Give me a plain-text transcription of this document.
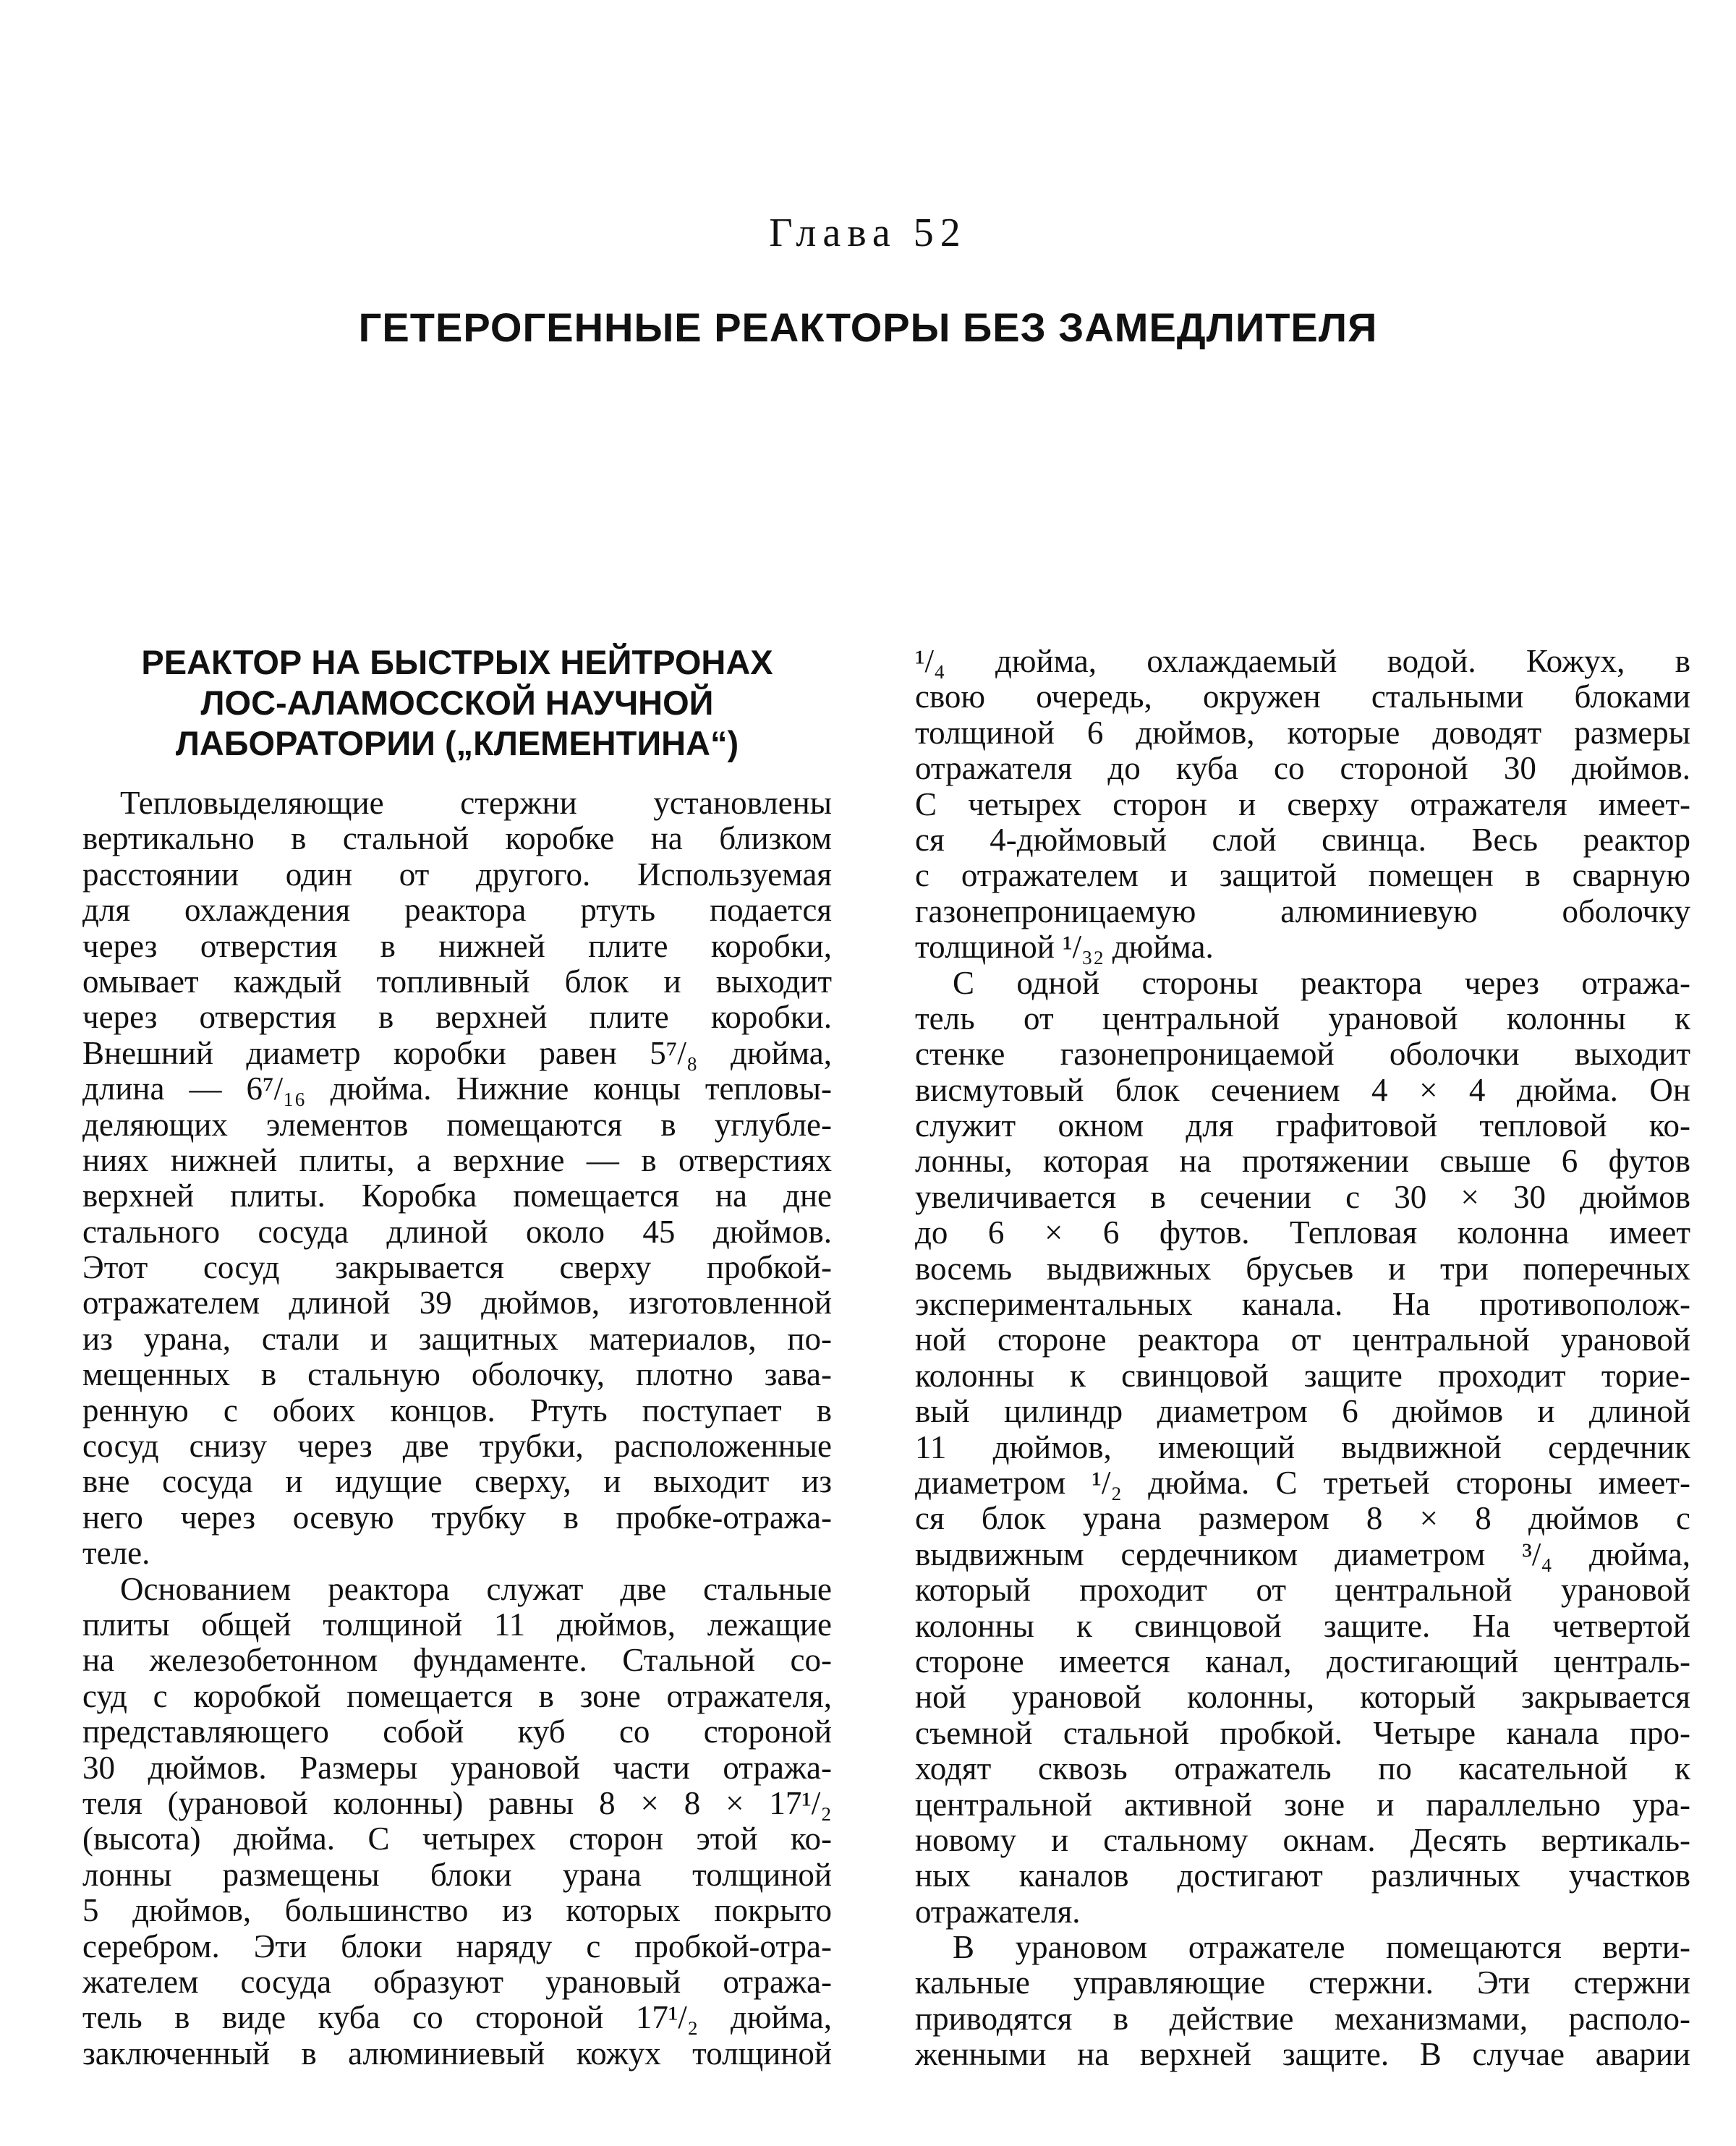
Глава 52
ГЕТЕРОГЕННЫЕ РЕАКТОРЫ БЕЗ ЗАМЕДЛИТЕЛЯ
РЕАКТОР НА БЫСТРЫХ НЕЙТРОНАХ
ЛОС-АЛАМОССКОЙ НАУЧНОЙ
ЛАБОРАТОРИИ („КЛЕМЕНТИНА“)
Тепловыделяющие стержни установлены
вертикально в стальной коробке на близком
расстоянии один от другого. Используемая
для охлаждения реактора ртуть подается
через отверстия в нижней плите коробки,
омывает каждый топливный блок и выходит
через отверстия в верхней плите коробки.
Внешний диаметр коробки равен 5⁷/₈ дюйма,
длина — 6⁷/₁₆ дюйма. Нижние концы тепловы-
деляющих элементов помещаются в углубле-
ниях нижней плиты, а верхние — в отверстиях
верхней плиты. Коробка помещается на дне
стального сосуда длиной около 45 дюймов.
Этот сосуд закрывается сверху пробкой-
отражателем длиной 39 дюймов, изготовленной
из урана, стали и защитных материалов, по-
мещенных в стальную оболочку, плотно зава-
ренную с обоих концов. Ртуть поступает в
сосуд снизу через две трубки, расположенные
вне сосуда и идущие сверху, и выходит из
него через осевую трубку в пробке-отража-
теле.
Основанием реактора служат две стальные
плиты общей толщиной 11 дюймов, лежащие
на железобетонном фундаменте. Стальной со-
суд с коробкой помещается в зоне отражателя,
представляющего собой куб со стороной
30 дюймов. Размеры урановой части отража-
теля (урановой колонны) равны 8 × 8 × 17¹/₂
(высота) дюйма. С четырех сторон этой ко-
лонны размещены блоки урана толщиной
5 дюймов, большинство из которых покрыто
серебром. Эти блоки наряду с пробкой-отра-
жателем сосуда образуют урановый отража-
тель в виде куба со стороной 17¹/₂ дюйма,
заключенный в алюминиевый кожух толщиной
¹/₄ дюйма, охлаждаемый водой. Кожух, в
свою очередь, окружен стальными блоками
толщиной 6 дюймов, которые доводят размеры
отражателя до куба со стороной 30 дюймов.
С четырех сторон и сверху отражателя имеет-
ся 4-дюймовый слой свинца. Весь реактор
с отражателем и защитой помещен в сварную
газонепроницаемую алюминиевую оболочку
толщиной ¹/₃₂ дюйма.
С одной стороны реактора через отража-
тель от центральной урановой колонны к
стенке газонепроницаемой оболочки выходит
висмутовый блок сечением 4 × 4 дюйма. Он
служит окном для графитовой тепловой ко-
лонны, которая на протяжении свыше 6 футов
увеличивается в сечении с 30 × 30 дюймов
до 6 × 6 футов. Тепловая колонна имеет
восемь выдвижных брусьев и три поперечных
экспериментальных канала. На противополож-
ной стороне реактора от центральной урановой
колонны к свинцовой защите проходит торие-
вый цилиндр диаметром 6 дюймов и длиной
11 дюймов, имеющий выдвижной сердечник
диаметром ¹/₂ дюйма. С третьей стороны имеет-
ся блок урана размером 8 × 8 дюймов с
выдвижным сердечником диаметром ³/₄ дюйма,
который проходит от центральной урановой
колонны к свинцовой защите. На четвертой
стороне имеется канал, достигающий централь-
ной урановой колонны, который закрывается
съемной стальной пробкой. Четыре канала про-
ходят сквозь отражатель по касательной к
центральной активной зоне и параллельно ура-
новому и стальному окнам. Десять вертикаль-
ных каналов достигают различных участков
отражателя.
В урановом отражателе помещаются верти-
кальные управляющие стержни. Эти стержни
приводятся в действие механизмами, располо-
женными на верхней защите. В случае аварии
